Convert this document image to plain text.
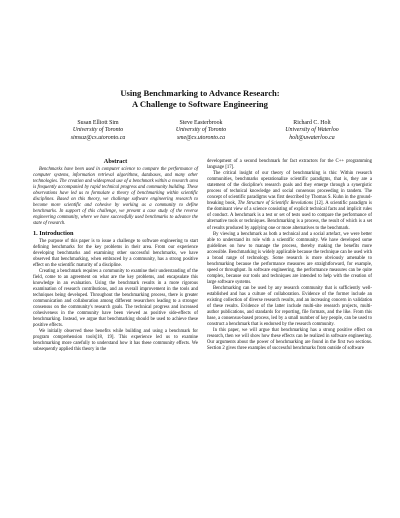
Using Benchmarking to Advance Research:
A Challenge to Software Engineering
Susan Elliott Sim
University of Toronto
simsuz@cs.utoronto.ca
Steve Easterbrook
University of Toronto
sme@cs.utoronto.ca
Richard C. Holt
University of Waterloo
holt@uwaterloo.ca
Abstract

Benchmarks have been used in computer science to compare the performance of computer systems, information retrieval algorithms, databases, and many other technologies. The creation and widespread use of a benchmark within a research area is frequently accompanied by rapid technical progress and community building. These observations have led us to formulate a theory of benchmarking within scientific disciplines. Based on this theory, we challenge software engineering research to become more scientific and cohesive by working as a community to define benchmarks. In support of this challenge, we present a case study of the reverse engineering community, where we have successfully used benchmarks to advance the state of research.

1. Introduction

The purpose of this paper is to issue a challenge to software engineering to start defining benchmarks for the key problems in their area. From our experience developing benchmarks and examining other successful benchmarks, we have observed that benchmarking, when embraced by a community, has a strong positive effect on the scientific maturity of a discipline.

Creating a benchmark requires a community to examine their understanding of the field, come to an agreement on what are the key problems, and encapsulate this knowledge in an evaluation. Using the benchmark results in a more rigorous examination of research contributions, and an overall improvement in the tools and techniques being developed. Throughout the benchmarking process, there is greater communication and collaboration among different researchers leading to a stronger consensus on the community's research goals. The technical progress and increased cohesiveness in the community have been viewed as positive side-effects of benchmarking. Instead, we argue that benchmarking should be used to achieve these positive effects.

We initially observed these benefits while building and using a benchmark for program comprehension tools[18, 19]. This experience led us to examine benchmarking more carefully to understand how it has these community effects. We subsequently applied this theory in the

development of a second benchmark for fact extractors for the C++ programming language [17].

The critical insight of our theory of benchmarking is this: Within research communities, benchmarks operationalize scientific paradigms, that is, they are a statement of the discipline's research goals and they emerge through a synergistic process of technical knowledge and social consensus proceeding in tandem. The concept of scientific paradigms was first described by Thomas S. Kuhn in the ground-breaking book, The Structure of Scientific Revolutions [12]. A scientific paradigm is the dominant view of a science consisting of explicit technical facts and implicit rules of conduct. A benchmark is a test or set of tests used to compare the performance of alternative tools or techniques. Benchmarking is a process, the result of which is a set of results produced by applying one or more alternatives to the benchmark.

By viewing a benchmark as both a technical and a social artefact, we were better able to understand its role with a scientific community. We have developed some guidelines on how to manage the process, thereby making the benefits more accessible. Benchmarking is widely applicable because the technique can be used with a broad range of technology. Some research is more obviously amenable to benchmarking because the performance measures are straightforward, for example, speed or throughput. In software engineering, the performance measures can be quite complex, because our tools and techniques are intended to help with the creation of large software systems.

Benchmarking can be used by any research community that is sufficiently well-established and has a culture of collaboration. Evidence of the former include an existing collection of diverse research results, and an increasing concern in validation of these results. Evidence of the latter include multi-site research projects, multi-author publications, and standards for reporting, file formats, and the like. From this base, a consensus-based process, led by a small number of key people, can be used to construct a benchmark that is endorsed by the research community.

In this paper, we will argue that benchmarking has a strong positive effect on research, then we will show how these effects can be realized in software engineering. Our arguments about the power of benchmarking are found in the first two sections. Section 2 gives three examples of successful benchmarks from outside of software
